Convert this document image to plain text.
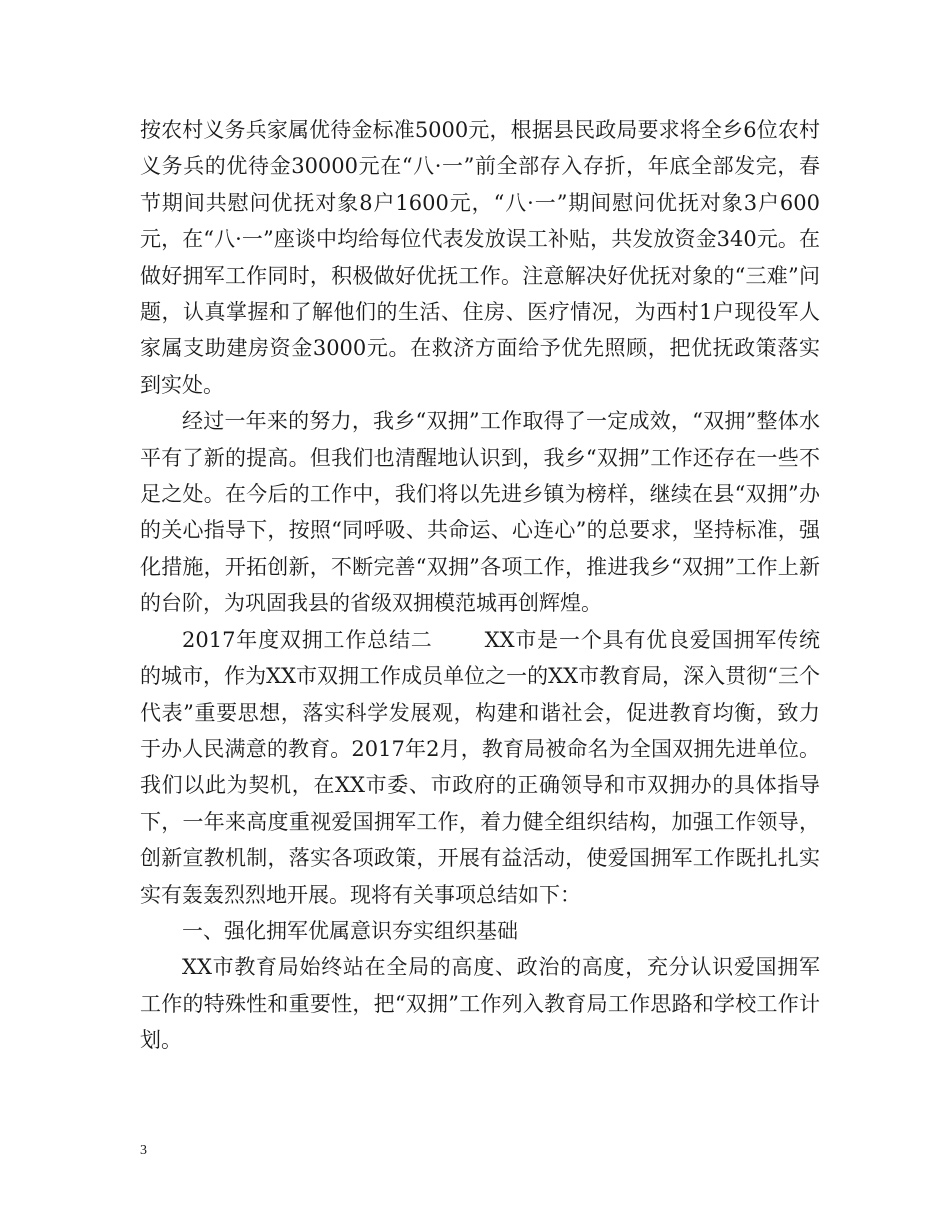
按农村义务兵家属优待金标准5000元，根据县民政局要求将全乡6位农村义务兵的优待金30000元在“八·一”前全部存入存折，年底全部发完，春节期间共慰问优抚对象8户1600元，“八·一”期间慰问优抚对象3户600元，在“八·一”座谈中均给每位代表发放误工补贴，共发放资金340元。在做好拥军工作同时，积极做好优抚工作。注意解决好优抚对象的“三难”问题，认真掌握和了解他们的生活、住房、医疗情况，为西村1户现役军人家属支助建房资金3000元。在救济方面给予优先照顾，把优抚政策落实到实处。

经过一年来的努力，我乡“双拥”工作取得了一定成效，“双拥”整体水平有了新的提高。但我们也清醒地认识到，我乡“双拥”工作还存在一些不足之处。在今后的工作中，我们将以先进乡镇为榜样，继续在县“双拥”办的关心指导下，按照“同呼吸、共命运、心连心”的总要求，坚持标准，强化措施，开拓创新，不断完善“双拥”各项工作，推进我乡“双拥”工作上新的台阶，为巩固我县的省级双拥模范城再创辉煌。

2017年度双拥工作总结二 XX市是一个具有优良爱国拥军传统的城市，作为XX市双拥工作成员单位之一的XX市教育局，深入贯彻“三个代表”重要思想，落实科学发展观，构建和谐社会，促进教育均衡，致力于办人民满意的教育。2017年2月，教育局被命名为全国双拥先进单位。我们以此为契机，在XX市委、市政府的正确领导和市双拥办的具体指导下，一年来高度重视爱国拥军工作，着力健全组织结构，加强工作领导，创新宣教机制，落实各项政策，开展有益活动，使爱国拥军工作既扎扎实实有轰轰烈烈地开展。现将有关事项总结如下：

一、强化拥军优属意识夯实组织基础

XX市教育局始终站在全局的高度、政治的高度，充分认识爱国拥军工作的特殊性和重要性，把“双拥”工作列入教育局工作思路和学校工作计划。

3
